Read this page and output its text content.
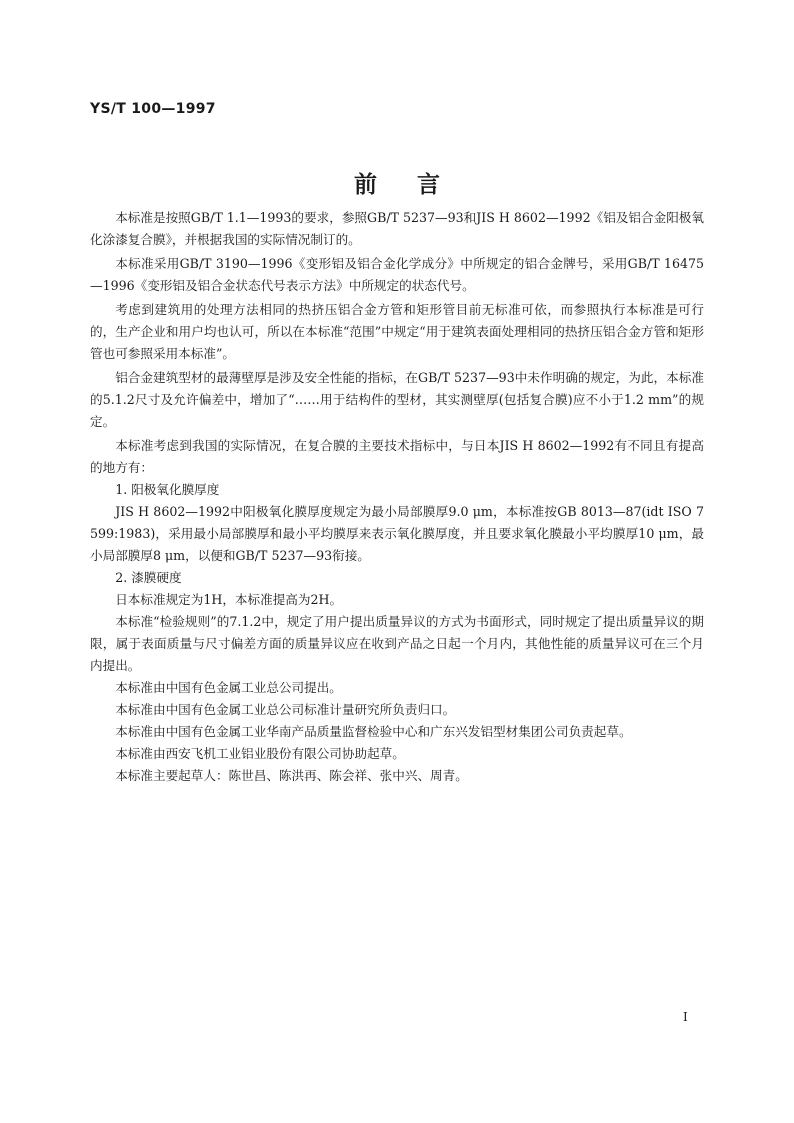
YS/T 100—1997
前言

本标准是按照GB/T 1.1—1993的要求，参照GB/T 5237—93和JIS H 8602—1992《铝及铝合金阳极氧化涂漆复合膜》，并根据我国的实际情况制订的。

本标准采用GB/T 3190—1996《变形铝及铝合金化学成分》中所规定的铝合金牌号，采用GB/T 16475—1996《变形铝及铝合金状态代号表示方法》中所规定的状态代号。

考虑到建筑用的处理方法相同的热挤压铝合金方管和矩形管目前无标准可依，而参照执行本标准是可行的，生产企业和用户均也认可，所以在本标准“范围”中规定“用于建筑表面处理相同的热挤压铝合金方管和矩形管也可参照采用本标准”。

铝合金建筑型材的最薄壁厚是涉及安全性能的指标，在GB/T 5237—93中未作明确的规定，为此，本标准的5.1.2尺寸及允许偏差中，增加了“……用于结构件的型材，其实测壁厚(包括复合膜)应不小于1.2 mm”的规定。

本标准考虑到我国的实际情况，在复合膜的主要技术指标中，与日本JIS H 8602—1992有不同且有提高的地方有：

1. 阳极氧化膜厚度

JIS H 8602—1992中阳极氧化膜厚度规定为最小局部膜厚9.0 μm，本标准按GB 8013—87(idt ISO 7599:1983)，采用最小局部膜厚和最小平均膜厚来表示氧化膜厚度，并且要求氧化膜最小平均膜厚10 μm，最小局部膜厚8 μm，以便和GB/T 5237—93衔接。

2. 漆膜硬度

日本标准规定为1H，本标准提高为2H。

本标准“检验规则”的7.1.2中，规定了用户提出质量异议的方式为书面形式，同时规定了提出质量异议的期限，属于表面质量与尺寸偏差方面的质量异议应在收到产品之日起一个月内，其他性能的质量异议可在三个月内提出。

本标准由中国有色金属工业总公司提出。

本标准由中国有色金属工业总公司标准计量研究所负责归口。

本标准由中国有色金属工业华南产品质量监督检验中心和广东兴发铝型材集团公司负责起草。

本标准由西安飞机工业铝业股份有限公司协助起草。

本标准主要起草人：陈世昌、陈洪再、陈会祥、张中兴、周青。

I
